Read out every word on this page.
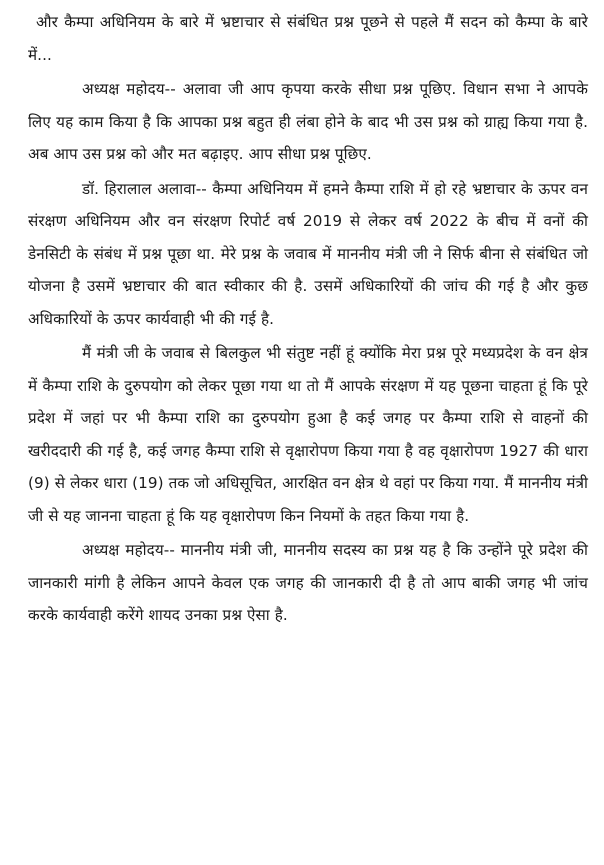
और कैम्पा अधिनियम के बारे में भ्रष्टाचार से संबंधित प्रश्न पूछने से पहले मैं सदन को कैम्पा के बारे में...

अध्यक्ष महोदय-- अलावा जी आप कृपया करके सीधा प्रश्न पूछिए. विधान सभा ने आपके लिए यह काम किया है कि आपका प्रश्न बहुत ही लंबा होने के बाद भी उस प्रश्न को ग्राह्य किया गया है. अब आप उस प्रश्न को और मत बढ़ाइए. आप सीधा प्रश्न पूछिए.

डॉ. हिरालाल अलावा-- कैम्पा अधिनियम में हमने कैम्पा राशि में हो रहे भ्रष्टाचार के ऊपर वन संरक्षण अधिनियम और वन संरक्षण रिपोर्ट वर्ष 2019 से लेकर वर्ष 2022 के बीच में वनों की डेनसिटी के संबंध में प्रश्न पूछा था. मेरे प्रश्न के जवाब में माननीय मंत्री जी ने सिर्फ बीना से संबंधित जो योजना है उसमें भ्रष्टाचार की बात स्वीकार की है. उसमें अधिकारियों की जांच की गई है और कुछ अधिकारियों के ऊपर कार्यवाही भी की गई है.

मैं मंत्री जी के जवाब से बिलकुल भी संतुष्ट नहीं हूं क्योंकि मेरा प्रश्न पूरे मध्यप्रदेश के वन क्षेत्र में कैम्पा राशि के दुरुपयोग को लेकर पूछा गया था तो मैं आपके संरक्षण में यह पूछना चाहता हूं कि पूरे प्रदेश में जहां पर भी कैम्पा राशि का दुरुपयोग हुआ है कई जगह पर कैम्पा राशि से वाहनों की खरीददारी की गई है, कई जगह कैम्पा राशि से वृक्षारोपण किया गया है वह वृक्षारोपण 1927 की धारा (9) से लेकर धारा (19) तक जो अधिसूचित, आरक्षित वन क्षेत्र थे वहां पर किया गया. मैं माननीय मंत्री जी से यह जानना चाहता हूं कि यह वृक्षारोपण किन नियमों के तहत किया गया है.

अध्यक्ष महोदय-- माननीय मंत्री जी, माननीय सदस्य का प्रश्न यह है कि उन्होंने पूरे प्रदेश की जानकारी मांगी है लेकिन आपने केवल एक जगह की जानकारी दी है तो आप बाकी जगह भी जांच करके कार्यवाही करेंगे शायद उनका प्रश्न ऐसा है.
